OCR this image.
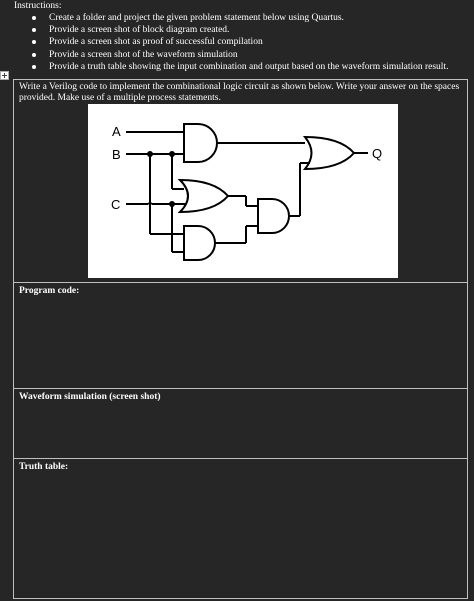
Instructions:
Create a folder and project the given problem statement below using Quartus.
Provide a screen shot of block diagram created.
Provide a screen shot as proof of successful compilation
Provide a screen shot of the waveform simulation
Provide a truth table showing the input combination and output based on the waveform simulation result.
Write a Verilog code to implement the combinational logic circuit as shown below. Write your answer on the spaces provided. Make use of a multiple process statements.
A
B
C
Q
Program code:
Waveform simulation (screen shot)
Truth table:
